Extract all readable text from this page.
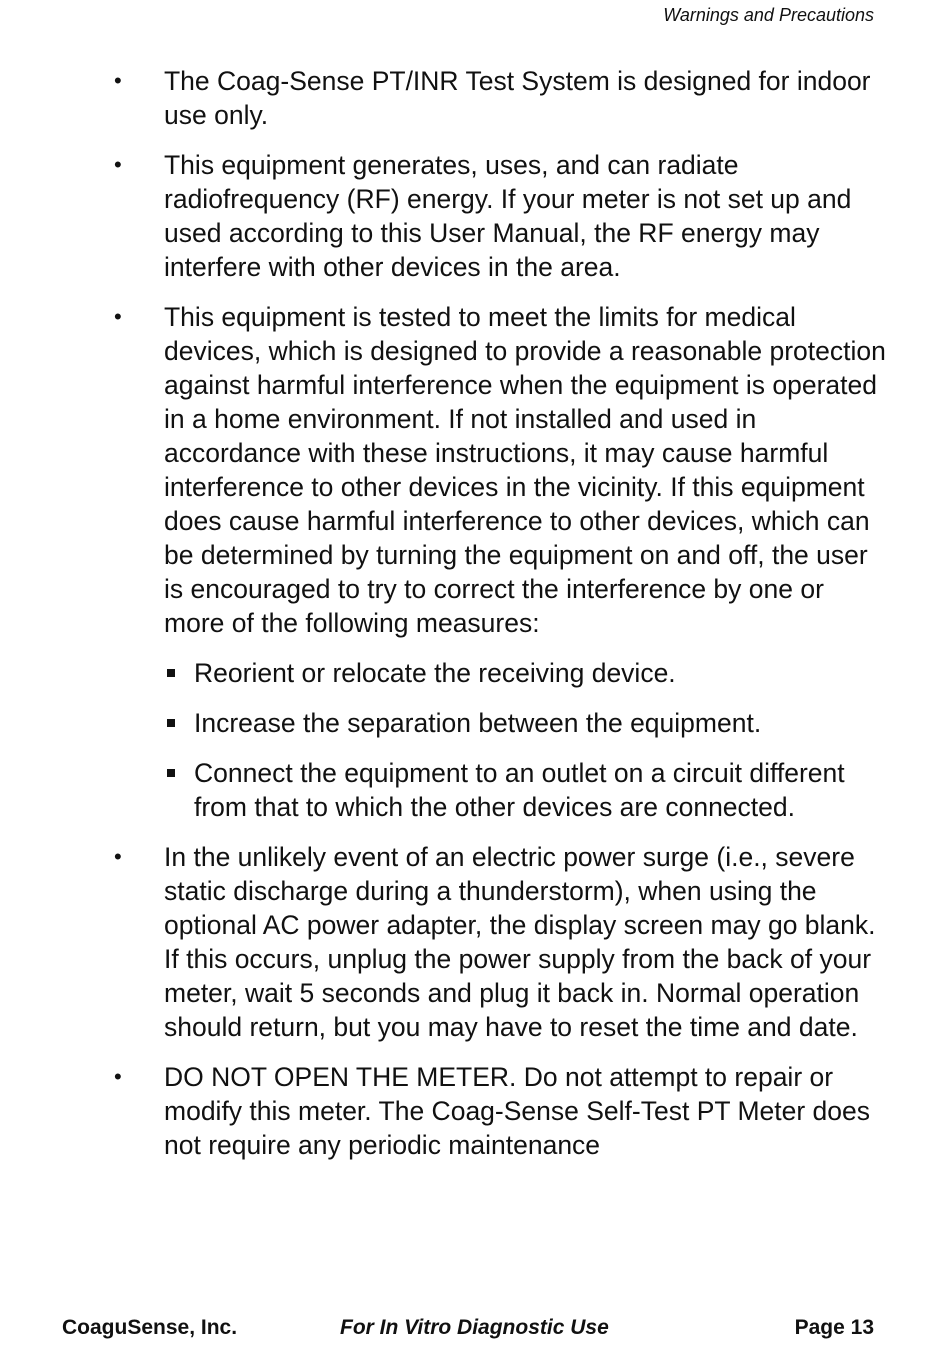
Warnings and Precautions
• The Coag-Sense PT/INR Test System is designed for indoor use only.
• This equipment generates, uses, and can radiate radiofrequency (RF) energy. If your meter is not set up and used according to this User Manual, the RF energy may interfere with other devices in the area.
• This equipment is tested to meet the limits for medical devices, which is designed to provide a reasonable protection against harmful interference when the equipment is operated in a home environment. If not installed and used in accordance with these instructions, it may cause harmful interference to other devices in the vicinity. If this equipment does cause harmful interference to other devices, which can be determined by turning the equipment on and off, the user is encouraged to try to correct the interference by one or more of the following measures:
Reorient or relocate the receiving device.
Increase the separation between the equipment.
Connect the equipment to an outlet on a circuit different from that to which the other devices are connected.
• In the unlikely event of an electric power surge (i.e., severe static discharge during a thunderstorm), when using the optional AC power adapter, the display screen may go blank. If this occurs, unplug the power supply from the back of your meter, wait 5 seconds and plug it back in. Normal operation should return, but you may have to reset the time and date.
• DO NOT OPEN THE METER. Do not attempt to repair or modify this meter. The Coag-Sense Self-Test PT Meter does not require any periodic maintenance
CoaguSense, Inc.	For In Vitro Diagnostic Use	Page 13
